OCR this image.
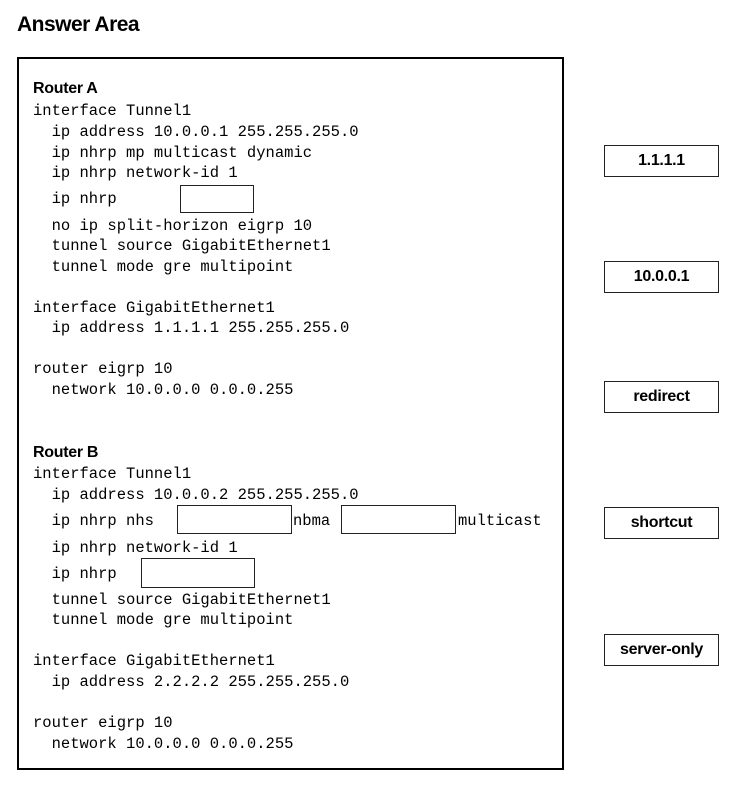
Answer Area
Router A
interface Tunnel1
ip address 10.0.0.1 255.255.255.0
ip nhrp mp multicast dynamic
ip nhrp network-id 1
ip nhrp
no ip split-horizon eigrp 10
tunnel source GigabitEthernet1
tunnel mode gre multipoint
interface GigabitEthernet1
ip address 1.1.1.1 255.255.255.0
router eigrp 10
network 10.0.0.0 0.0.0.255
Router B
interface Tunnel1
ip address 10.0.0.2 255.255.255.0
ip nhrp nhs	nbma	multicast
ip nhrp network-id 1
ip nhrp
tunnel source GigabitEthernet1
tunnel mode gre multipoint
interface GigabitEthernet1
ip address 2.2.2.2 255.255.255.0
router eigrp 10
network 10.0.0.0 0.0.0.255
1.1.1.1
10.0.0.1
redirect
shortcut
server-only
